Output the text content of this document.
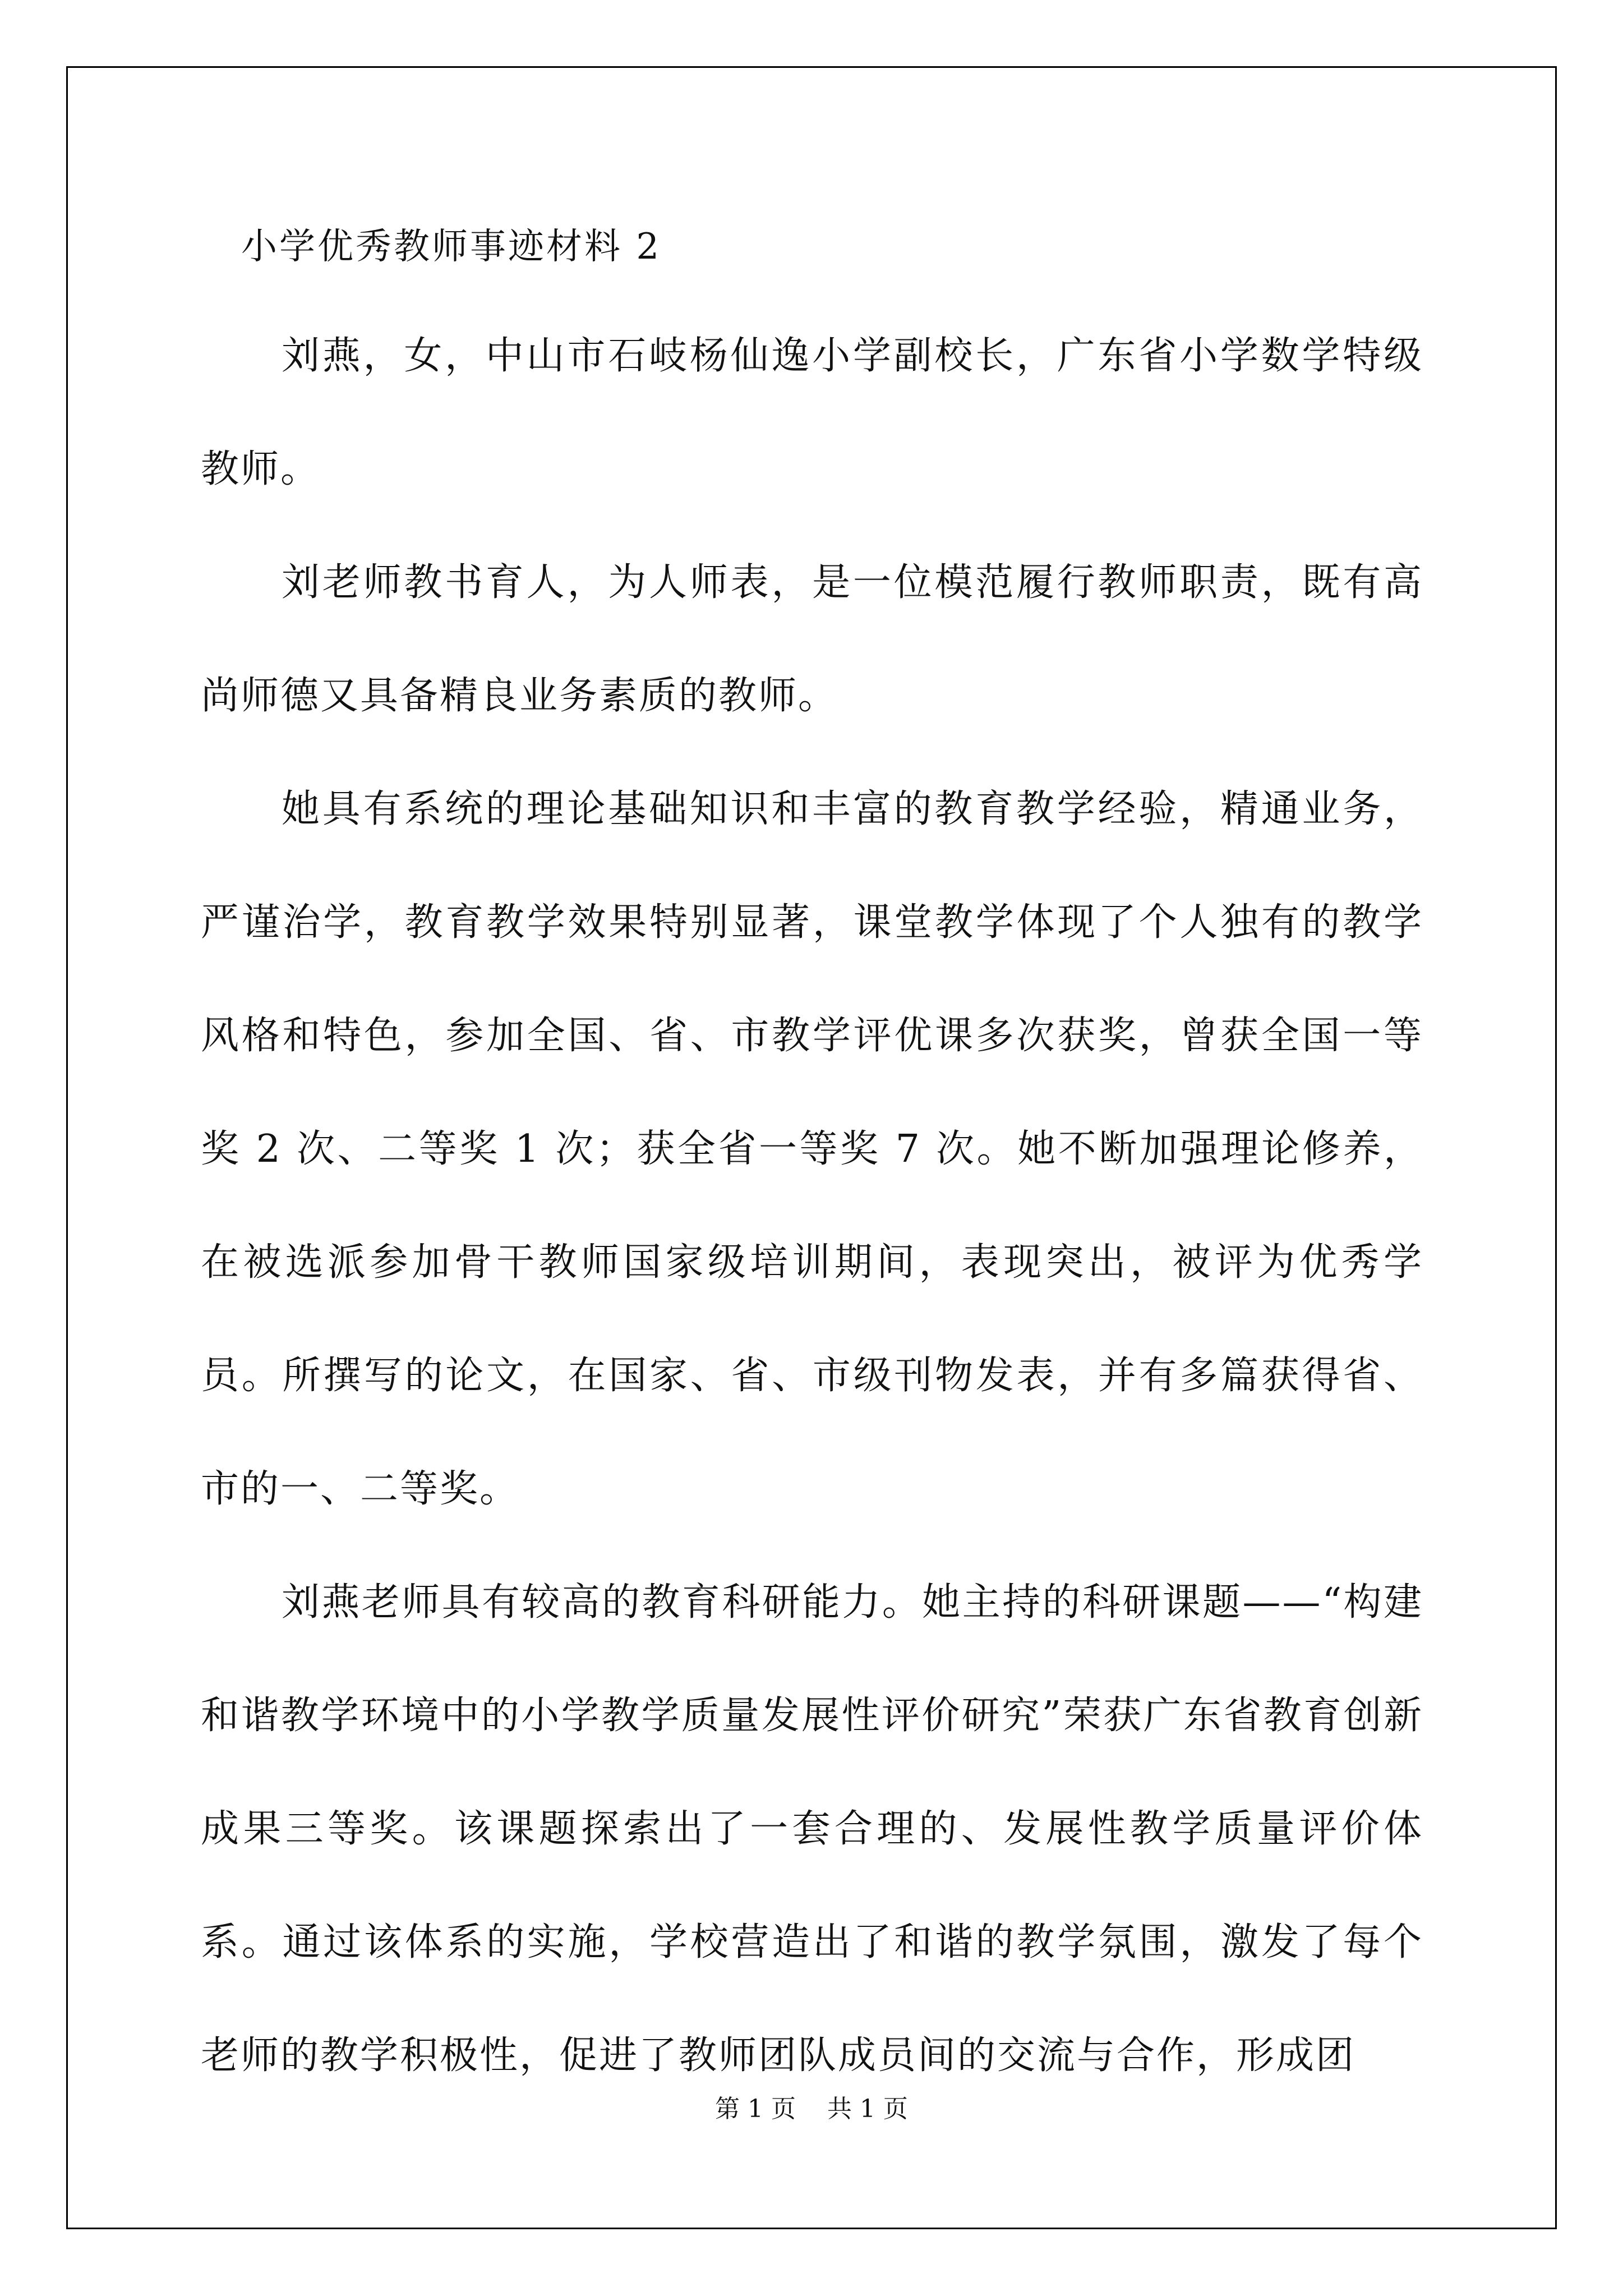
小学优秀教师事迹材料 2

刘燕，女，中山市石岐杨仙逸小学副校长，广东省小学数学特级教师。

刘老师教书育人，为人师表，是一位模范履行教师职责，既有高尚师德又具备精良业务素质的教师。

她具有系统的理论基础知识和丰富的教育教学经验，精通业务，严谨治学，教育教学效果特别显著，课堂教学体现了个人独有的教学风格和特色，参加全国、省、市教学评优课多次获奖，曾获全国一等奖 2 次、二等奖 1 次；获全省一等奖 7 次。她不断加强理论修养，在被选派参加骨干教师国家级培训期间，表现突出，被评为优秀学员。所撰写的论文，在国家、省、市级刊物发表，并有多篇获得省、市的一、二等奖。

刘燕老师具有较高的教育科研能力。她主持的科研课题——“构建和谐教学环境中的小学教学质量发展性评价研究”荣获广东省教育创新成果三等奖。该课题探索出了一套合理的、发展性教学质量评价体系。通过该体系的实施，学校营造出了和谐的教学氛围，激发了每个老师的教学积极性，促进了教师团队成员间的交流与合作，形成团

第 1 页    共 1 页
